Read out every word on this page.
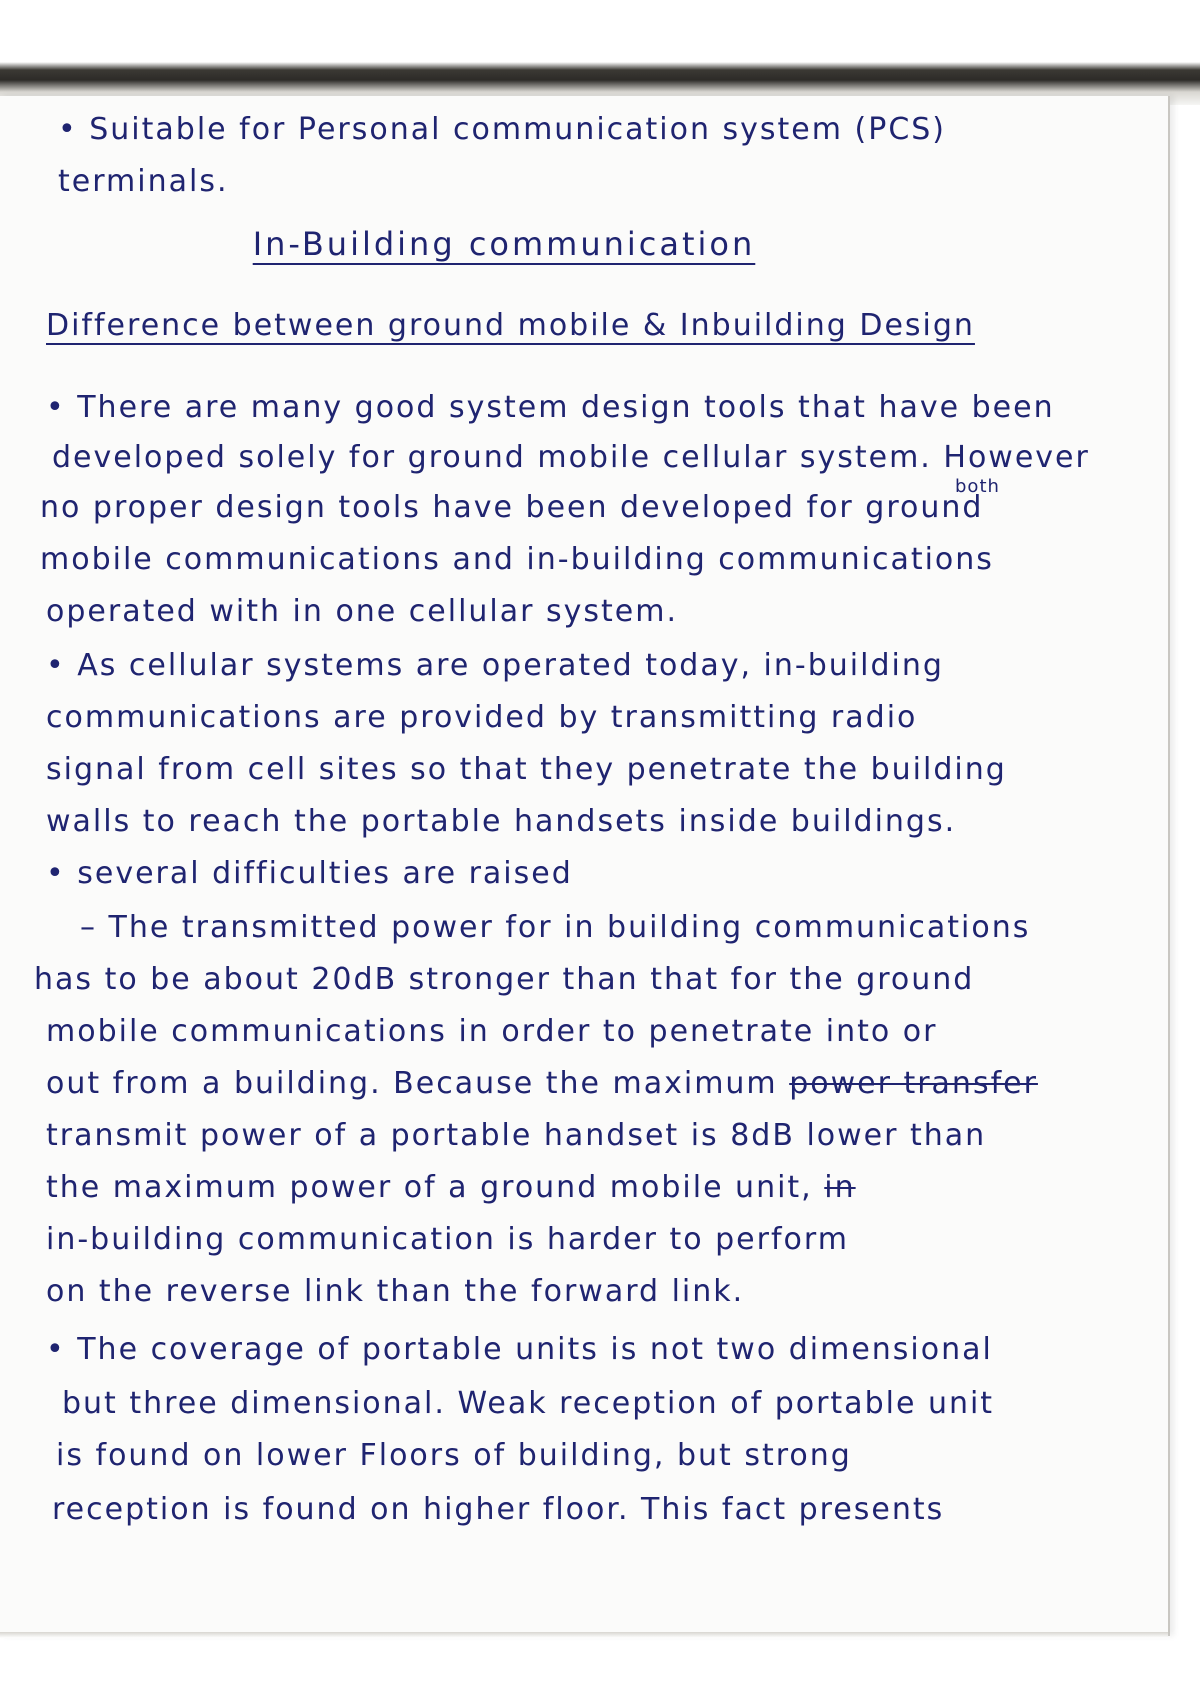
• Suitable for Personal communication system (PCS)
terminals.
In-Building communication
Difference between ground mobile & Inbuilding Design
• There are many good system design tools that have been
developed solely for ground mobile cellular system. However
both
no proper design tools have been developed for ground
mobile communications and in-building communications
operated with in one cellular system.
• As cellular systems are operated today, in-building
communications are provided by transmitting radio
signal from cell sites so that they penetrate the building
walls to reach the portable handsets inside buildings.
• several difficulties are raised
– The transmitted power for in building communications
has to be about 20dB stronger than that for the ground
mobile communications in order to penetrate into or
out from a building. Because the maximum power transfer
transmit power of a portable handset is 8dB lower than
the maximum power of a ground mobile unit, in
in-building communication is harder to perform
on the reverse link than the forward link.
• The coverage of portable units is not two dimensional
but three dimensional. Weak reception of portable unit
is found on lower Floors of building, but strong
reception is found on higher floor. This fact presents
